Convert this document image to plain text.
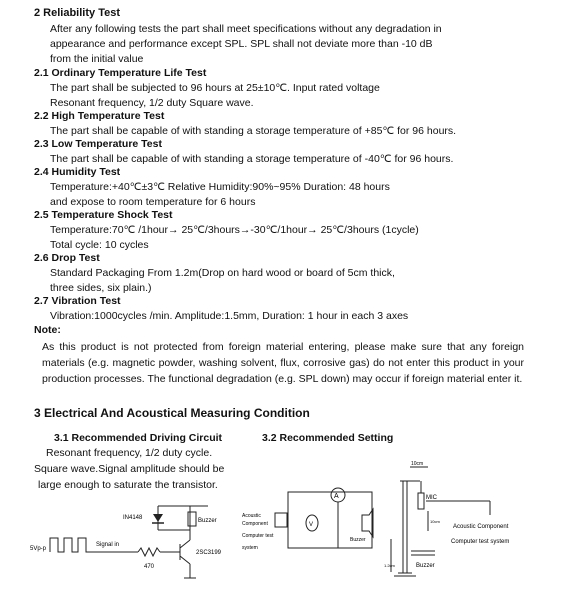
2 Reliability Test
After any following tests the part shall meet specifications without any degradation in
appearance and performance except SPL. SPL shall not deviate more than -10 dB
from the initial value
2.1 Ordinary Temperature Life Test
The part shall be subjected to 96 hours at 25±10℃. Input rated voltage
Resonant frequency, 1/2 duty Square wave.
2.2 High Temperature Test
The part shall be capable of with standing a storage temperature of +85℃ for 96 hours.
2.3 Low Temperature Test
The part shall be capable of with standing a storage temperature of -40℃ for 96 hours.
2.4 Humidity Test
Temperature:+40℃±3℃ Relative Humidity:90%~95% Duration: 48 hours
and expose to room temperature for 6 hours
2.5 Temperature Shock Test
Temperature:70℃ /1hour→ 25℃/3hours→-30℃/1hour→ 25℃/3hours (1cycle)
Total cycle: 10 cycles
2.6 Drop Test
Standard Packaging From 1.2m(Drop on hard wood or board of 5cm thick,
three sides, six plain.)
2.7 Vibration Test
Vibration:1000cycles /min. Amplitude:1.5mm, Duration: 1 hour in each 3 axes
Note:
As this product is not protected from foreign material entering, please make sure that any foreign
materials (e.g. magnetic powder, washing solvent, flux, corrosive gas) do not enter this product in your
production processes. The functional degradation (e.g. SPL down) may occur if foreign material enter it.
3 Electrical And Acoustical Measuring Condition
3.1 Recommended Driving Circuit	3.2 Recommended Setting
Resonant frequency, 1/2 duty cycle.
Square wave.Signal amplitude should be
large enough to saturate the transistor.
IN4148	Buzzer
Signal in
5Vp-p
470
2SC3199
A
V
Acoustic
Component
Computer test
system
Buzzer
10cm
MIC
10cm
1.2cm
Acoustic Component
Computer test system
Buzzer
